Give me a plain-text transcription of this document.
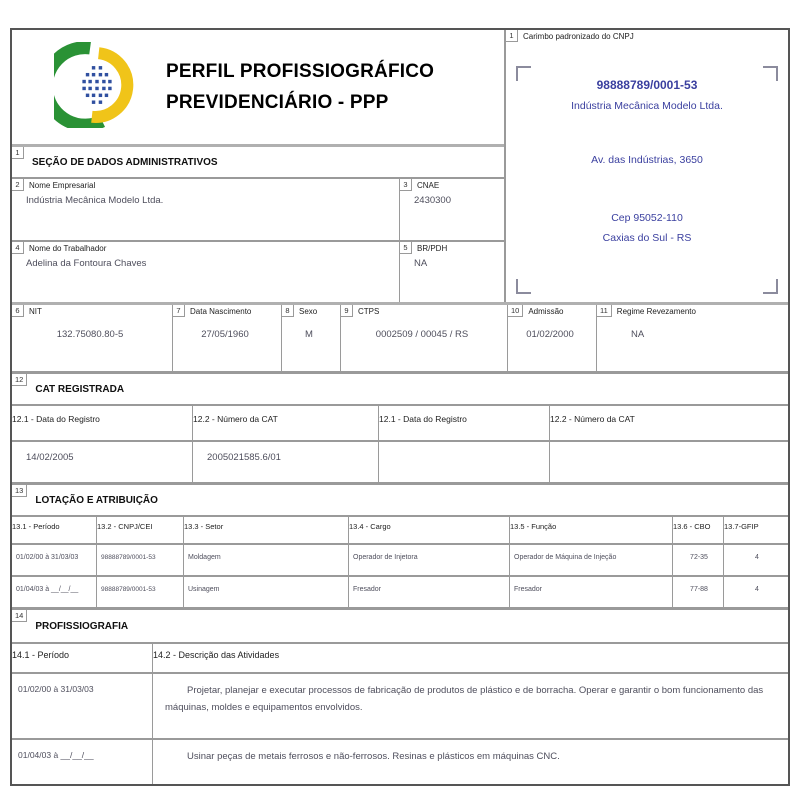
PERFIL PROFISSIOGRÁFICO
PREVIDENCIÁRIO - PPP
1
SEÇÃO DE DADOS ADMINISTRATIVOS
2	Nome Empresarial
Indústria Mecânica Modelo Ltda.
3	CNAE
2430300
4	Nome do Trabalhador
Adelina da Fontoura Chaves
5	BR/PDH
NA
1	Carimbo padronizado do CNPJ
98888789/0001-53
Indústria Mecânica Modelo Ltda.
Av. das Indústrias, 3650
Cep 95052-110
Caxias do Sul - RS
6	NIT
132.75080.80-5
7	Data Nascimento
27/05/1960
8	Sexo
M
9	CTPS
0002509 / 00045 / RS
10	Admissão
01/02/2000
11	Regime Revezamento
NA
12
CAT REGISTRADA
12.1 - Data do Registro	12.2 - Número da CAT	12.1 - Data do Registro	12.2 - Número da CAT
14/02/2005	2005021585.6/01
13
LOTAÇÃO E ATRIBUIÇÃO
13.1 - Período	13.2 - CNPJ/CEI	13.3 - Setor	13.4 - Cargo	13.5 - Função	13.6 - CBO 13.7-GFIP
01/02/00 à 31/03/03	98888789/0001-53	Moldagem	Operador de Injetora	Operador de Máquina de Injeção	72-35	4
01/04/03 à __/__/__	98888789/0001-53	Usinagem	Fresador	Fresador	77-88	4
14
PROFISSIOGRAFIA
14.1 - Período	14.2 - Descrição das Atividades
01/02/00 à 31/03/03	Projetar, planejar e executar processos de fabricação de produtos de plástico e de borracha. Operar e garantir o bom funcionamento das máquinas, moldes e equipamentos envolvidos.
01/04/03 à __/__/__	Usinar peças de metais ferrosos e não-ferrosos. Resinas e plásticos em máquinas CNC.
